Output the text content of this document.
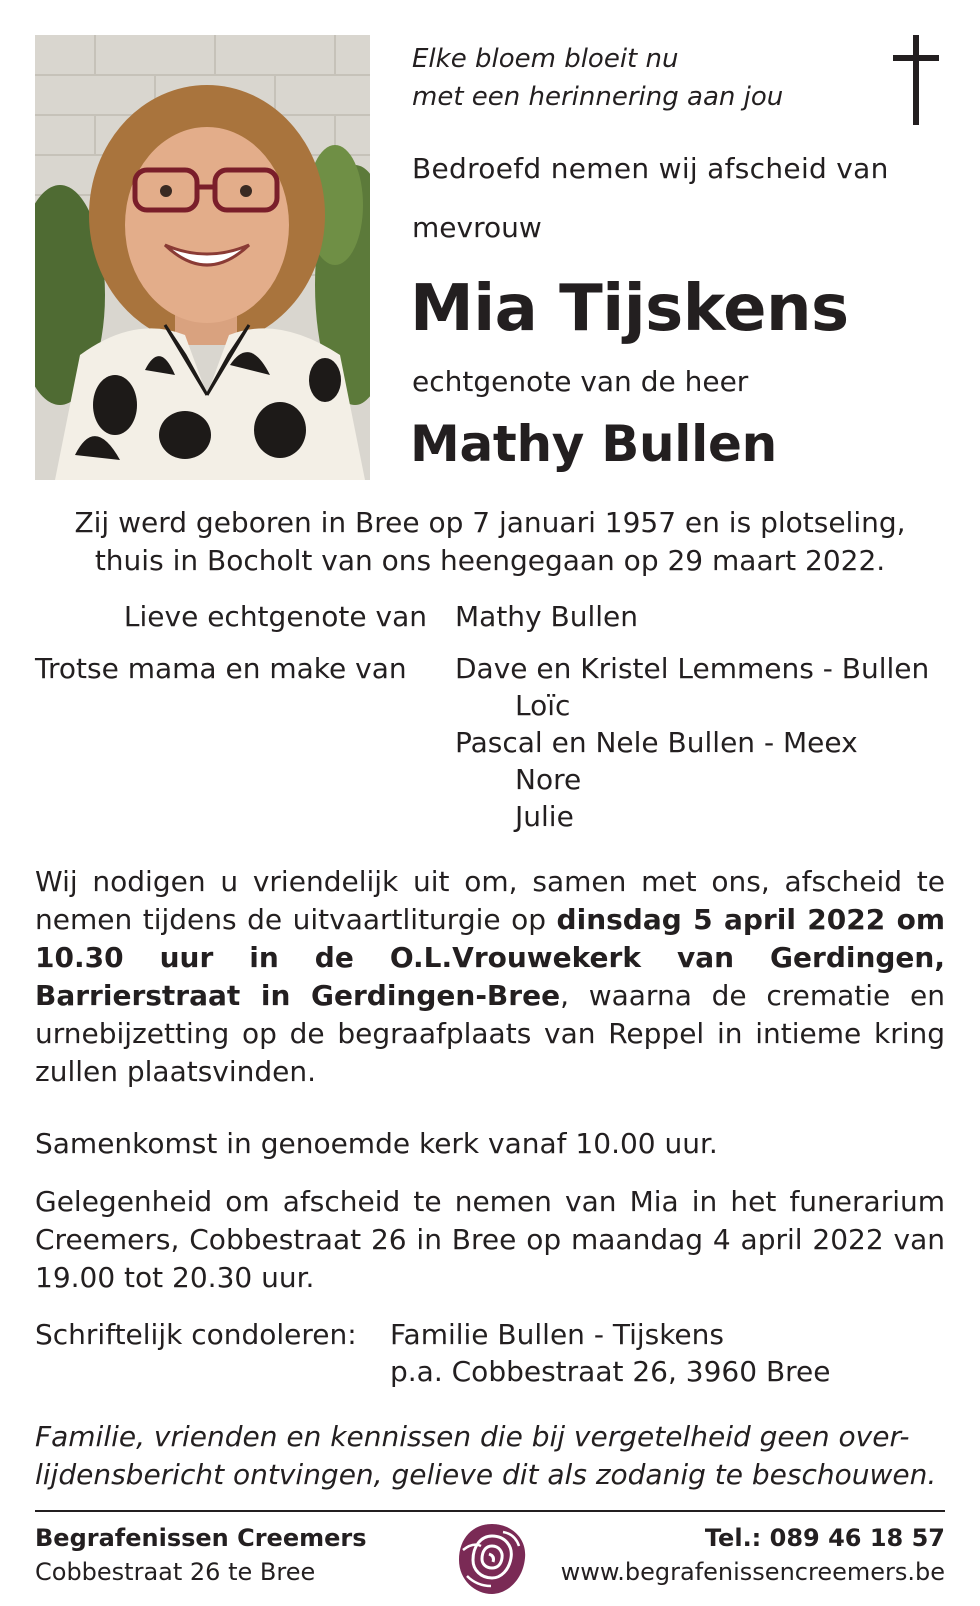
Elke bloem bloeit nu
met een herinnering aan jou
Bedroefd nemen wij afscheid van
mevrouw
Mia Tijskens
echtgenote van de heer
Mathy Bullen
Zij werd geboren in Bree op 7 januari 1957 en is plotseling,
thuis in Bocholt van ons heengegaan op 29 maart 2022.
Lieve echtgenote van Mathy Bullen
Trotse mama en make van Dave en Kristel Lemmens - Bullen
Loïc
Pascal en Nele Bullen - Meex
Nore
Julie
Wij nodigen u vriendelijk uit om, samen met ons, afscheid te nemen tijdens de uitvaartliturgie op dinsdag 5 april 2022 om 10.30 uur in de O.L.Vrouwekerk van Gerdingen, Barrierstraat in Gerdingen-Bree, waarna de crematie en urnebijzetting op de begraafplaats van Reppel in intieme kring zullen plaatsvinden.
Samenkomst in genoemde kerk vanaf 10.00 uur.
Gelegenheid om afscheid te nemen van Mia in het funerarium Creemers, Cobbestraat 26 in Bree op maandag 4 april 2022 van 19.00 tot 20.30 uur.
Schriftelijk condoleren: Familie Bullen - Tijskens
p.a. Cobbestraat 26, 3960 Bree
Familie, vrienden en kennissen die bij vergetelheid geen over-
lijdensbericht ontvingen, gelieve dit als zodanig te beschouwen.
Begrafenissen Creemers
Cobbestraat 26 te Bree
Tel.: 089 46 18 57
www.begrafenissencreemers.be
